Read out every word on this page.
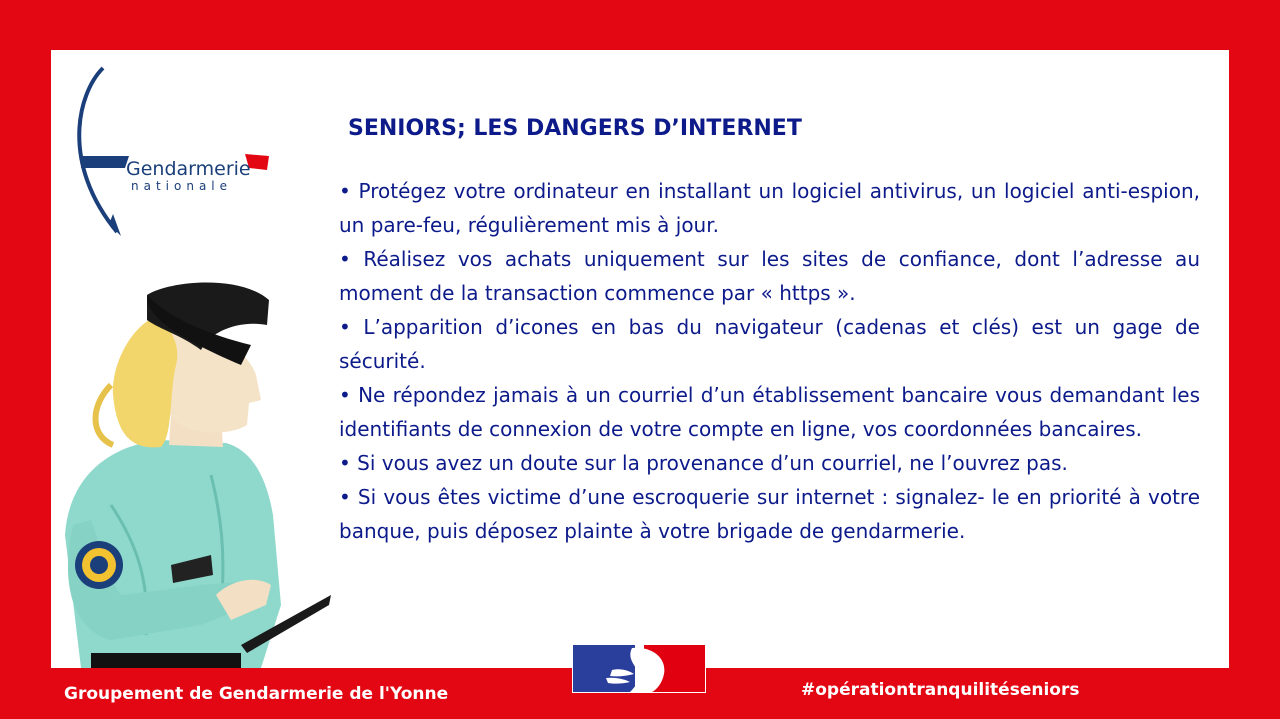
Gendarmerie
nationale
SENIORS; LES DANGERS D’INTERNET

• Protégez votre ordinateur en installant un logiciel antivirus, un logiciel anti-espion, un pare-feu, régulièrement mis à jour.

• Réalisez vos achats uniquement sur les sites de confiance, dont l’adresse au moment de la transaction commence par « https ».

• L’apparition d’icones en bas du navigateur (cadenas et clés) est un gage de sécurité.

• Ne répondez jamais à un courriel d’un établissement bancaire vous demandant les identifiants de connexion de votre compte en ligne, vos coordonnées bancaires.

• Si vous avez un doute sur la provenance d’un courriel, ne l’ouvrez pas.

• Si vous êtes victime d’une escroquerie sur internet : signalez- le en priorité à votre banque, puis déposez plainte à votre brigade de gendarmerie.

Groupement de Gendarmerie de l'Yonne	#opérationtranquilitéseniors
